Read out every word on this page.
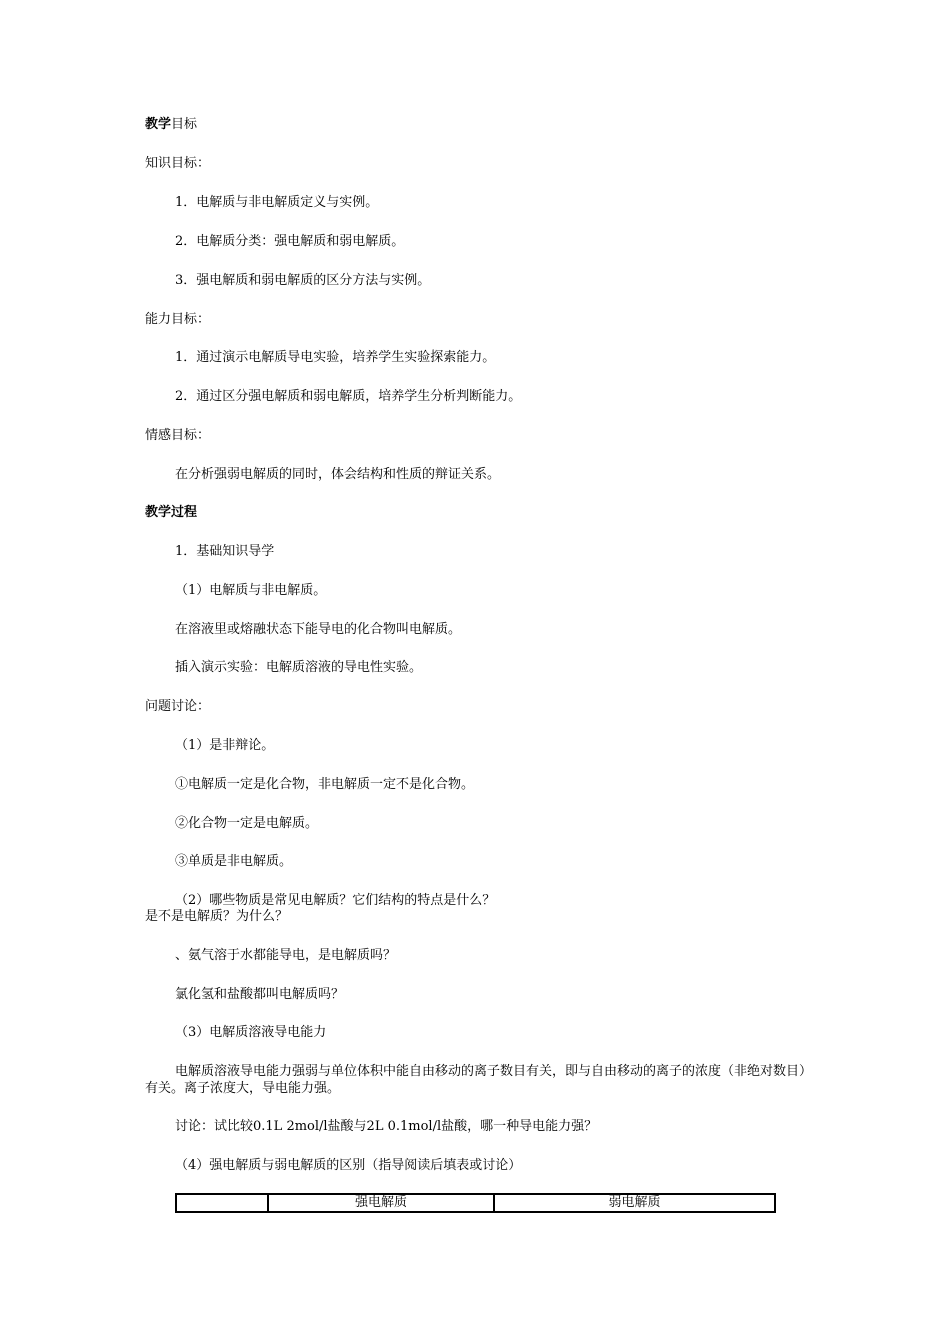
教学目标
知识目标：
1．电解质与非电解质定义与实例。
2．电解质分类：强电解质和弱电解质。
3．强电解质和弱电解质的区分方法与实例。
能力目标：
1．通过演示电解质导电实验，培养学生实验探索能力。
2．通过区分强电解质和弱电解质，培养学生分析判断能力。
情感目标：
在分析强弱电解质的同时，体会结构和性质的辩证关系。
教学过程
1．基础知识导学
（1）电解质与非电解质。
在溶液里或熔融状态下能导电的化合物叫电解质。
插入演示实验：电解质溶液的导电性实验。
问题讨论：
（1）是非辩论。
①电解质一定是化合物，非电解质一定不是化合物。
②化合物一定是电解质。
③单质是非电解质。
（2）哪些物质是常见电解质？它们结构的特点是什么？
是不是电解质？为什么？
、氨气溶于水都能导电，是电解质吗？
氯化氢和盐酸都叫电解质吗？
（3）电解质溶液导电能力
电解质溶液导电能力强弱与单位体积中能自由移动的离子数目有关，即与自由移动的离子的浓度（非绝对数目）有关。离子浓度大，导电能力强。
讨论：试比较0.1L 2mol/l盐酸与2L 0.1mol/l盐酸，哪一种导电能力强？
（4）强电解质与弱电解质的区别（指导阅读后填表或讨论）
	强电解质	弱电解质
